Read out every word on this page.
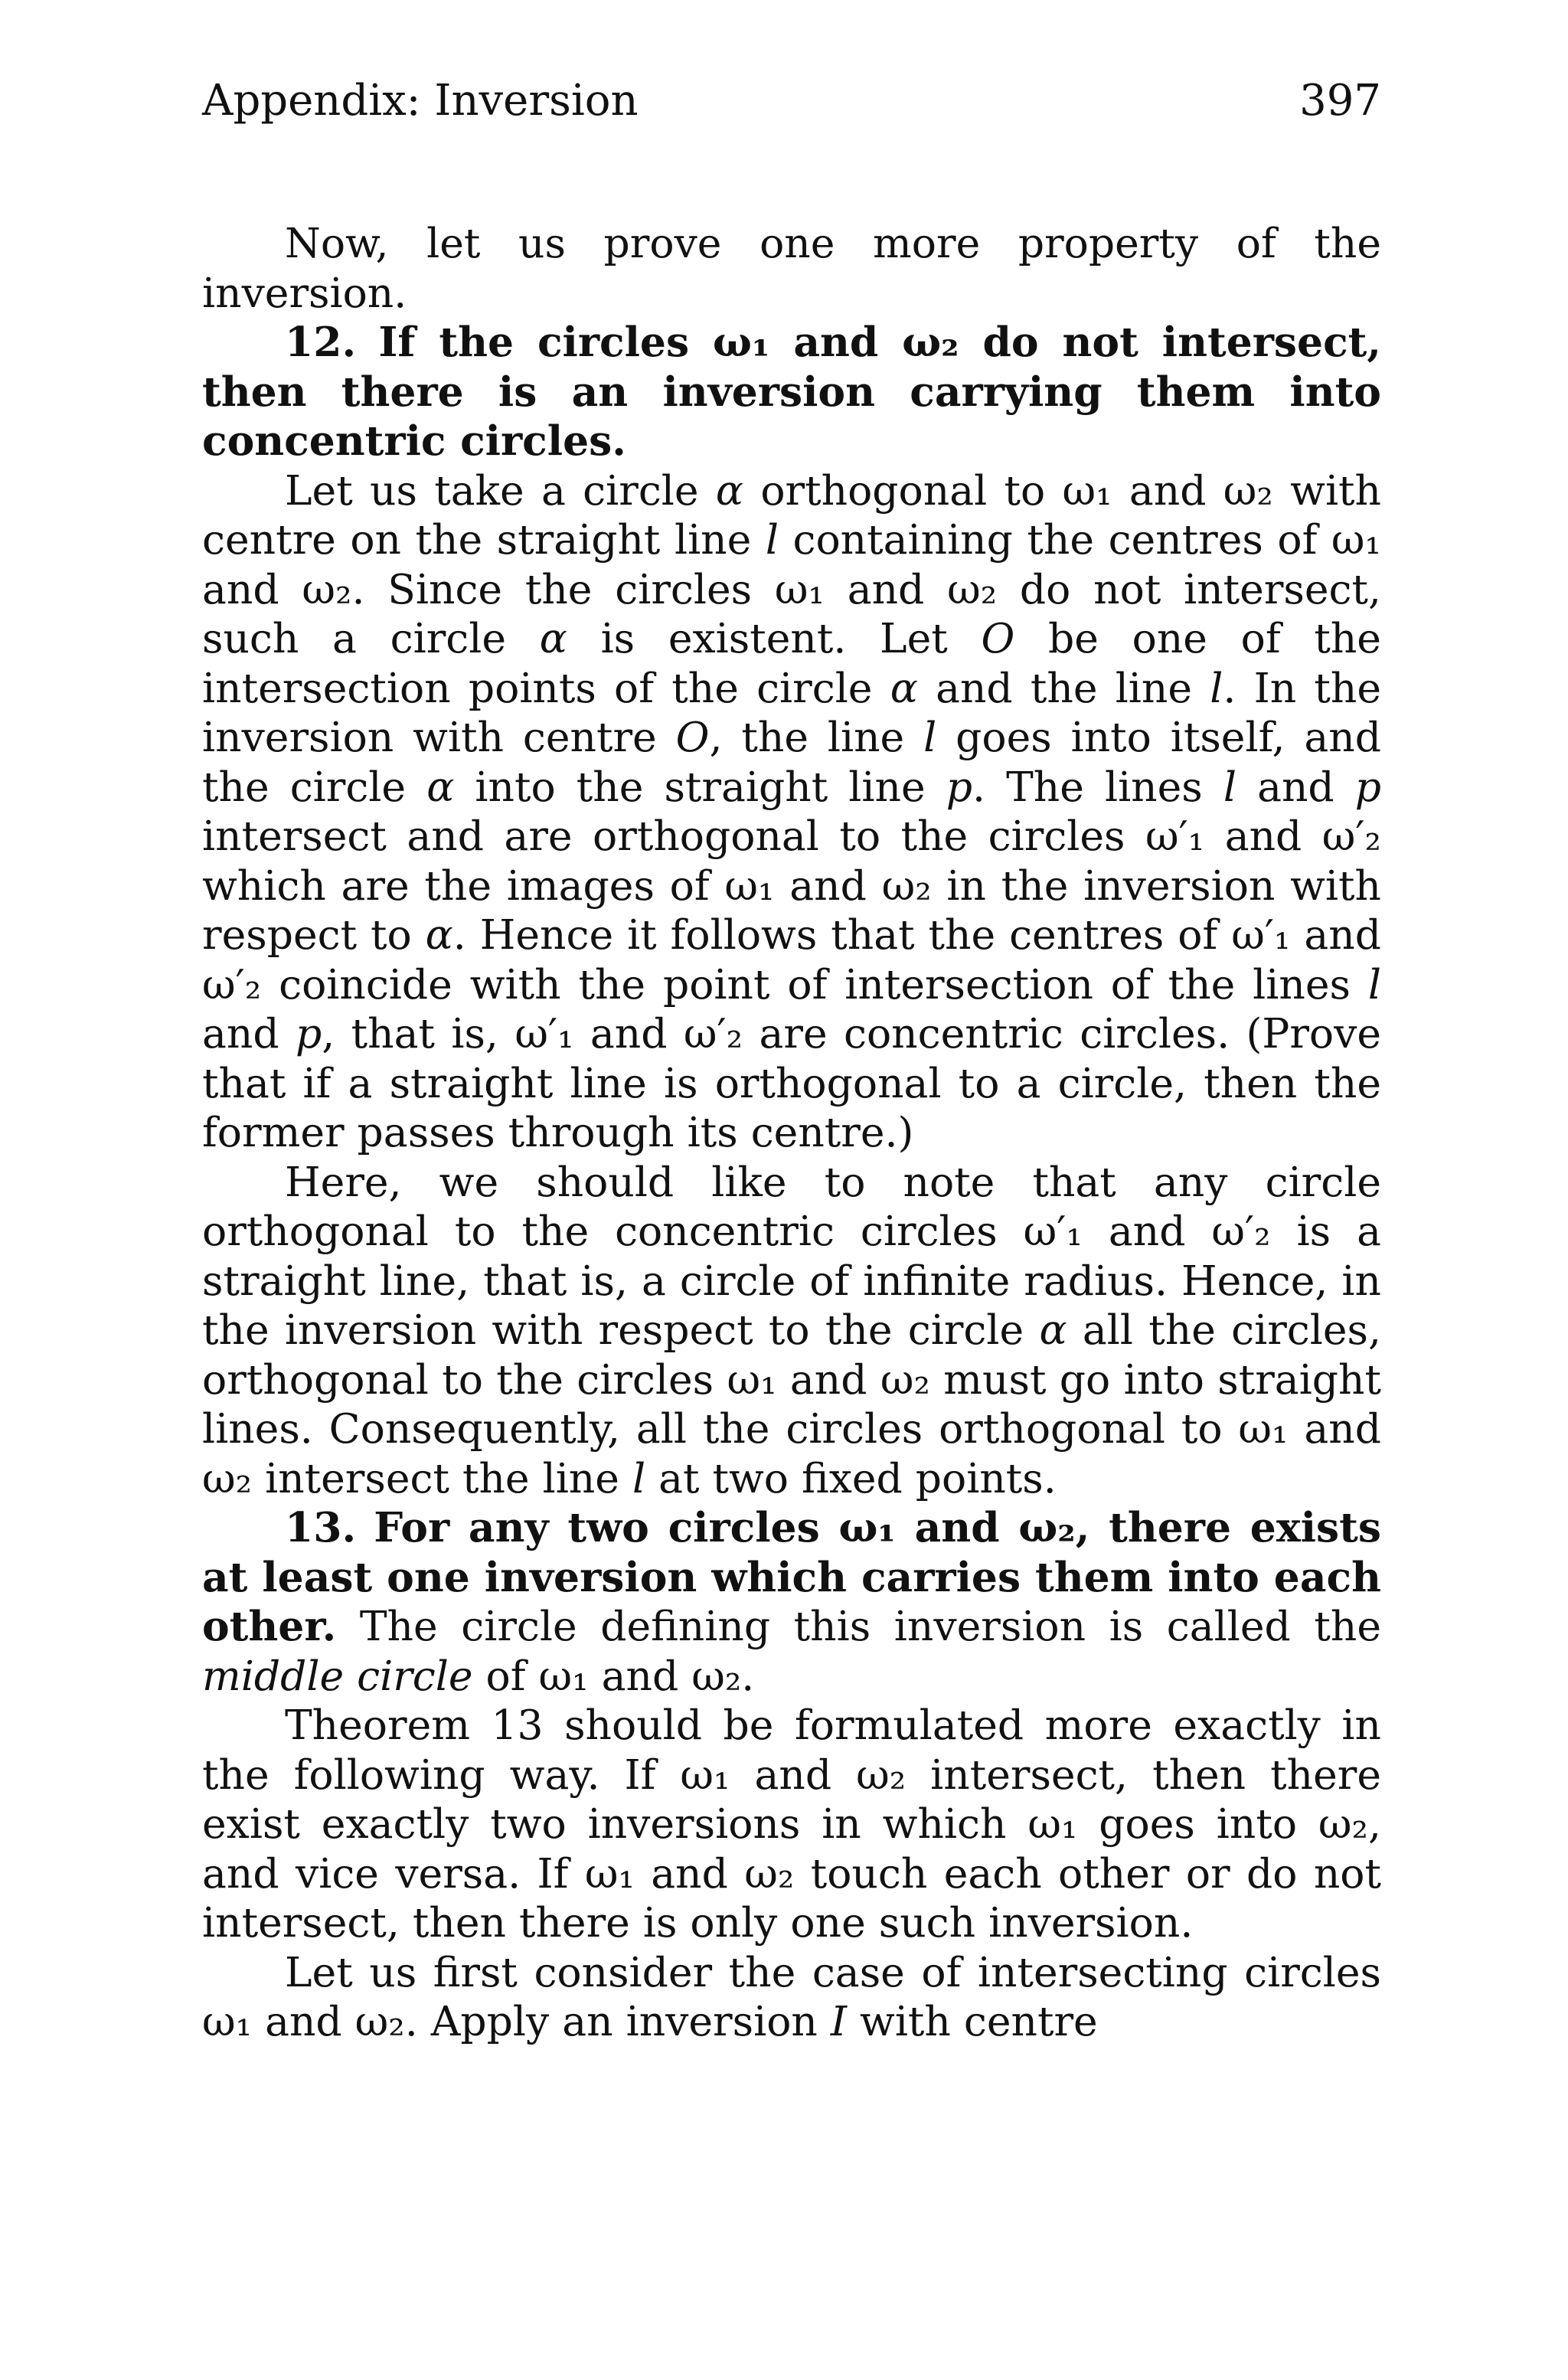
Appendix: Inversion	397

Now, let us prove one more property of the inversion.

12. If the circles ω₁ and ω₂ do not intersect, then there is an inversion carrying them into concentric circles.

Let us take a circle α orthogonal to ω₁ and ω₂ with centre on the straight line l containing the centres of ω₁ and ω₂. Since the circles ω₁ and ω₂ do not intersect, such a circle α is existent. Let O be one of the intersection points of the circle α and the line l. In the inversion with centre O, the line l goes into itself, and the circle α into the straight line p. The lines l and p intersect and are orthogonal to the circles ω′₁ and ω′₂ which are the images of ω₁ and ω₂ in the inversion with respect to α. Hence it follows that the centres of ω′₁ and ω′₂ coincide with the point of intersection of the lines l and p, that is, ω′₁ and ω′₂ are concentric circles. (Prove that if a straight line is orthogonal to a circle, then the former passes through its centre.)

Here, we should like to note that any circle orthogonal to the concentric circles ω′₁ and ω′₂ is a straight line, that is, a circle of infinite radius. Hence, in the inversion with respect to the circle α all the circles, orthogonal to the circles ω₁ and ω₂ must go into straight lines. Consequently, all the circles orthogonal to ω₁ and ω₂ intersect the line l at two fixed points.

13. For any two circles ω₁ and ω₂, there exists at least one inversion which carries them into each other. The circle defining this inversion is called the middle circle of ω₁ and ω₂.

Theorem 13 should be formulated more exactly in the following way. If ω₁ and ω₂ intersect, then there exist exactly two inversions in which ω₁ goes into ω₂, and vice versa. If ω₁ and ω₂ touch each other or do not intersect, then there is only one such inversion.

Let us first consider the case of intersecting circles ω₁ and ω₂. Apply an inversion I with centre
